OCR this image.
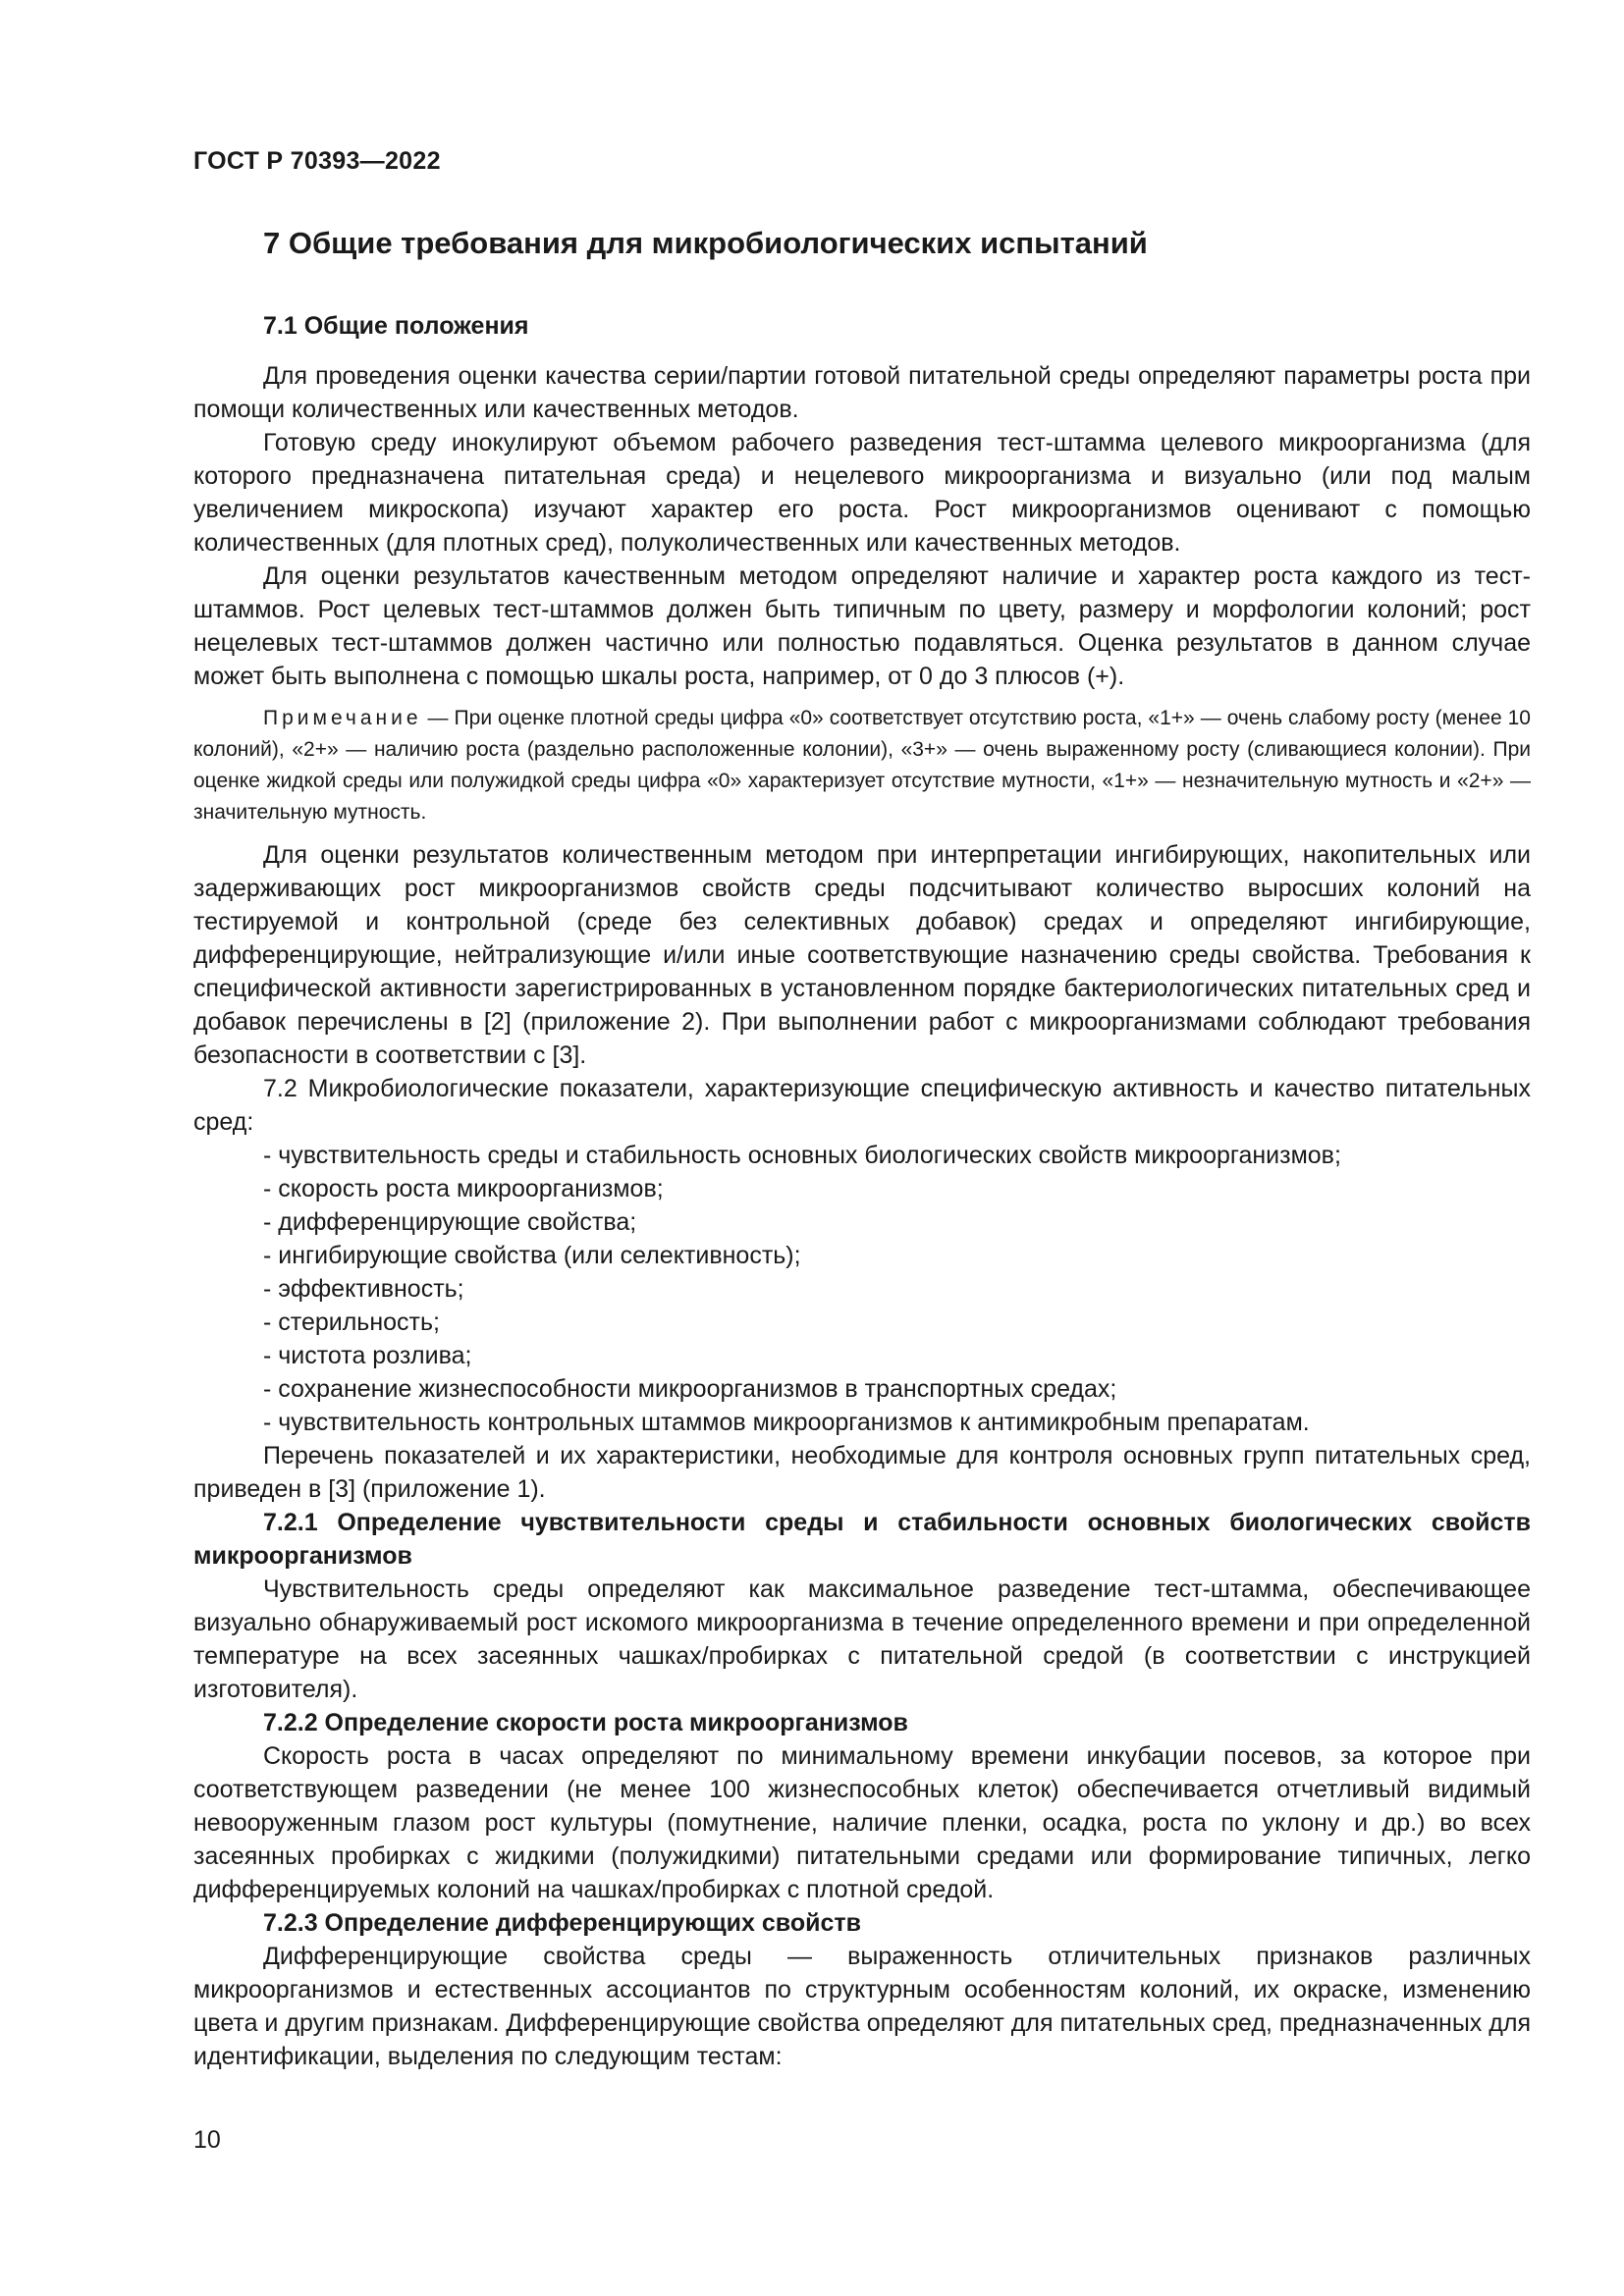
ГОСТ Р 70393—2022
7 Общие требования для микробиологических испытаний
7.1 Общие положения

Для проведения оценки качества серии/партии готовой питательной среды определяют параметры роста при помощи количественных или качественных методов.

Готовую среду инокулируют объемом рабочего разведения тест-штамма целевого микроорганизма (для которого предназначена питательная среда) и нецелевого микроорганизма и визуально (или под малым увеличением микроскопа) изучают характер его роста. Рост микроорганизмов оценивают с помощью количественных (для плотных сред), полуколичественных или качественных методов.

Для оценки результатов качественным методом определяют наличие и характер роста каждого из тест-штаммов. Рост целевых тест-штаммов должен быть типичным по цвету, размеру и морфологии колоний; рост нецелевых тест-штаммов должен частично или полностью подавляться. Оценка результатов в данном случае может быть выполнена с помощью шкалы роста, например, от 0 до 3 плюсов (+).

Примечание — При оценке плотной среды цифра «0» соответствует отсутствию роста, «1+» — очень слабому росту (менее 10 колоний), «2+» — наличию роста (раздельно расположенные колонии), «3+» — очень выраженному росту (сливающиеся колонии). При оценке жидкой среды или полужидкой среды цифра «0» характеризует отсутствие мутности, «1+» — незначительную мутность и «2+» — значительную мутность.

Для оценки результатов количественным методом при интерпретации ингибирующих, накопительных или задерживающих рост микроорганизмов свойств среды подсчитывают количество выросших колоний на тестируемой и контрольной (среде без селективных добавок) средах и определяют ингибирующие, дифференцирующие, нейтрализующие и/или иные соответствующие назначению среды свойства. Требования к специфической активности зарегистрированных в установленном порядке бактериологических питательных сред и добавок перечислены в [2] (приложение 2). При выполнении работ с микроорганизмами соблюдают требования безопасности в соответствии с [3].

7.2 Микробиологические показатели, характеризующие специфическую активность и качество питательных сред:

- чувствительность среды и стабильность основных биологических свойств микроорганизмов;
- скорость роста микроорганизмов;
- дифференцирующие свойства;
- ингибирующие свойства (или селективность);
- эффективность;
- стерильность;
- чистота розлива;
- сохранение жизнеспособности микроорганизмов в транспортных средах;
- чувствительность контрольных штаммов микроорганизмов к антимикробным препаратам.

Перечень показателей и их характеристики, необходимые для контроля основных групп питательных сред, приведен в [3] (приложение 1).

7.2.1 Определение чувствительности среды и стабильности основных биологических свойств микроорганизмов

Чувствительность среды определяют как максимальное разведение тест-штамма, обеспечивающее визуально обнаруживаемый рост искомого микроорганизма в течение определенного времени и при определенной температуре на всех засеянных чашках/пробирках с питательной средой (в соответствии с инструкцией изготовителя).

7.2.2 Определение скорости роста микроорганизмов

Скорость роста в часах определяют по минимальному времени инкубации посевов, за которое при соответствующем разведении (не менее 100 жизнеспособных клеток) обеспечивается отчетливый видимый невооруженным глазом рост культуры (помутнение, наличие пленки, осадка, роста по уклону и др.) во всех засеянных пробирках с жидкими (полужидкими) питательными средами или формирование типичных, легко дифференцируемых колоний на чашках/пробирках с плотной средой.

7.2.3 Определение дифференцирующих свойств

Дифференцирующие свойства среды — выраженность отличительных признаков различных микроорганизмов и естественных ассоциантов по структурным особенностям колоний, их окраске, изменению цвета и другим признакам. Дифференцирующие свойства определяют для питательных сред, предназначенных для идентификации, выделения по следующим тестам:

10
